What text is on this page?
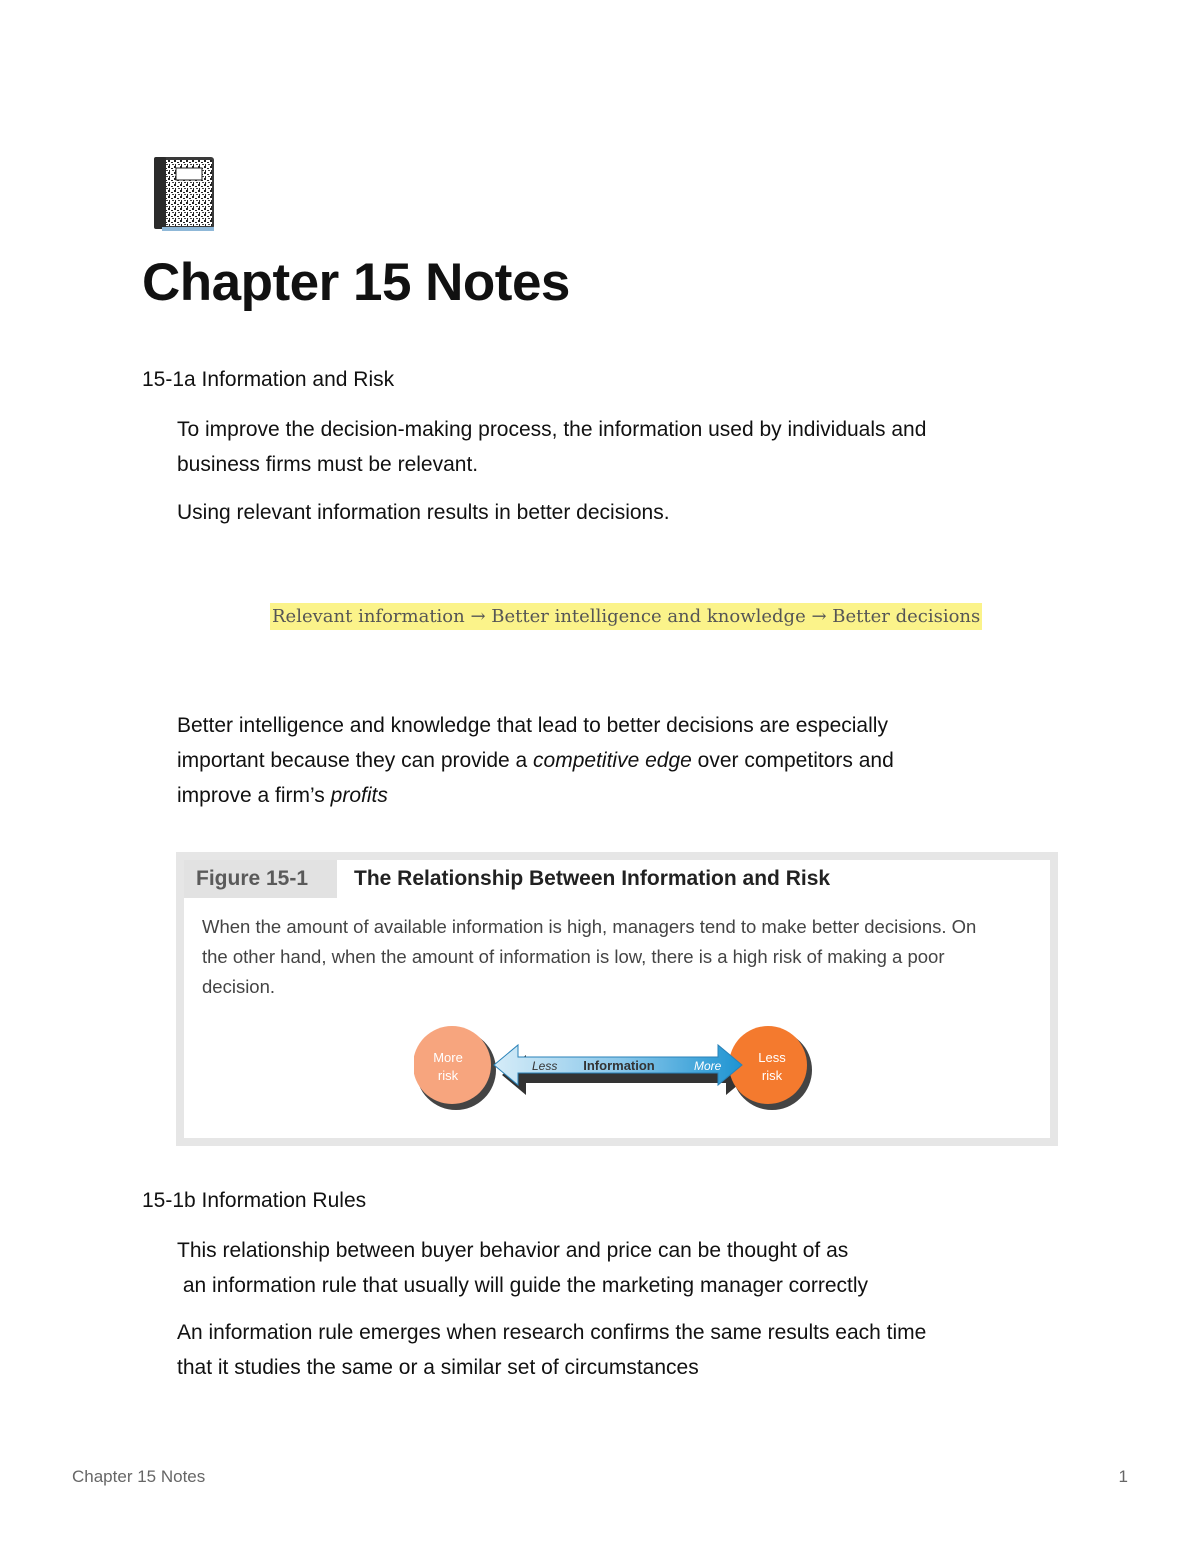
Chapter 15 Notes
15-1a Information and Risk

To improve the decision-making process, the information used by individuals and
business firms must be relevant.

Using relevant information results in better decisions.

Relevant information → Better intelligence and knowledge → Better decisions

Better intelligence and knowledge that lead to better decisions are especially
important because they can provide a competitive edge over competitors and
improve a firm’s profits

Figure 15-1	The Relationship Between Information and Risk
When the amount of available information is high, managers tend to make better decisions. On
the other hand, when the amount of information is low, there is a high risk of making a poor
decision.
More
risk
Less
risk
Less Information	More
15-1b Information Rules

This relationship between buyer behavior and price can be thought of as
an information rule that usually will guide the marketing manager correctly

An information rule emerges when research confirms the same results each time
that it studies the same or a similar set of circumstances

Chapter 15 Notes	1
